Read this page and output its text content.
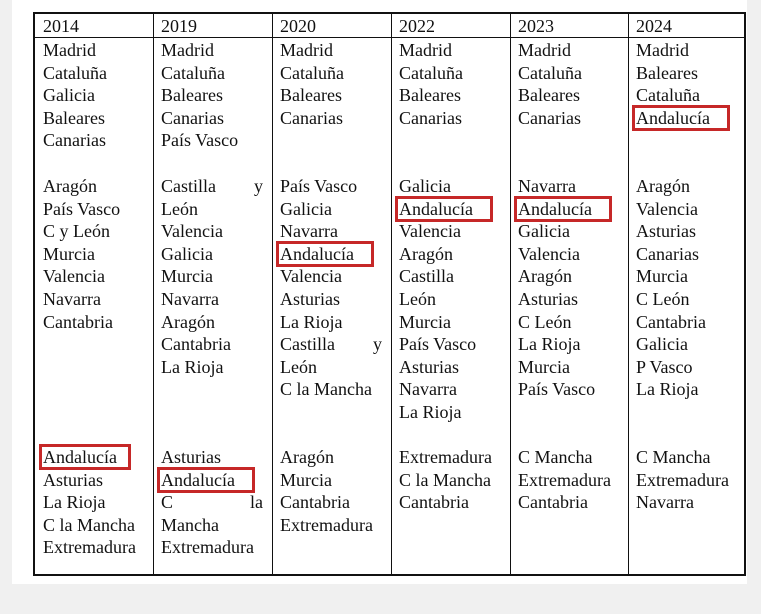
2014
Madrid
Cataluña
Galicia
Baleares
Canarias
Aragón
País Vasco
C y León
Murcia
Valencia
Navarra
Cantabria
Andalucía
Asturias
La Rioja
C la Mancha
Extremadura
2019
Madrid
Cataluña
Baleares
Canarias
País Vasco
Castilla y
León
Valencia
Galicia
Murcia
Navarra
Aragón
Cantabria
La Rioja
Asturias
Andalucía
C	la
Mancha
Extremadura
2020
Madrid
Cataluña
Baleares
Canarias
País Vasco
Galicia
Navarra
Andalucía
Valencia
Asturias
La Rioja
Castilla y
León
C la Mancha
Aragón
Murcia
Cantabria
Extremadura
2022
Madrid
Cataluña
Baleares
Canarias
Galicia
Andalucía
Valencia
Aragón
Castilla
León
Murcia
País Vasco
Asturias
Navarra
La Rioja
Extremadura
C la Mancha
Cantabria
2023
Madrid
Cataluña
Baleares
Canarias
Navarra
Andalucía
Galicia
Valencia
Aragón
Asturias
C León
La Rioja
Murcia
País Vasco
C Mancha
Extremadura
Cantabria
2024
Madrid
Baleares
Cataluña
Andalucía
Aragón
Valencia
Asturias
Canarias
Murcia
C León
Cantabria
Galicia
P Vasco
La Rioja
C Mancha
Extremadura
Navarra
